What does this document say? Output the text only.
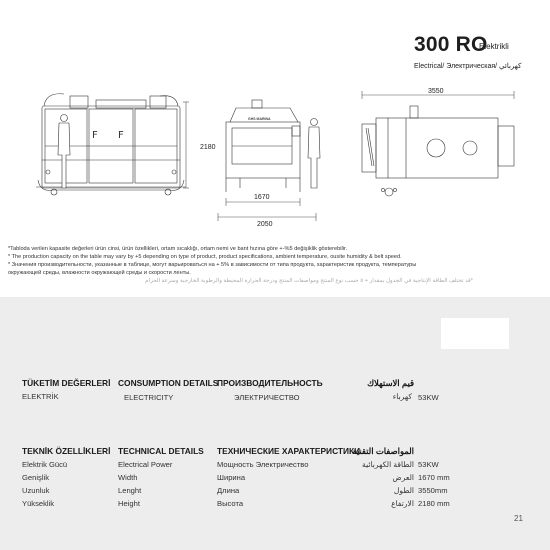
300 RO
Elektrikli
Electrical/ Электрическая/ كهربائي
F F
2180
1670
2050
3550
GHS MARINA
*Tabloda verilen kapasite değerleri ürün cinsi, ürün özellikleri, ortam sıcaklığı, ortam nemi ve bant hızına göre +-%5 değişiklik gösterebilir.
* The production capacity on the table may vary by +5 depending on type of product, product specifications, ambient temperature, ousite humidity & belt speed.
* Значения производительности, указанные в таблице, могут варьироваться на + 5% в зависимости от типа продукта, характеристик продукта, температуры
окружающей среды, влажности окружающей среды и скорости ленты.
*قد تختلف الطاقة الإنتاجية في الجدول بمقدار + ٥ حسب نوع المنتج ومواصفات المنتج ودرجة الحرارة المحيطة والرطوبة الخارجية وسرعة الحزام
TÜKETİM DEĞERLERİ CONSUMPTION DETAILS
ПРОИЗВОДИТЕЛЬНОСТЬ	قيم الاستهلاك
ELEKTRİK	ELECTRICITY	ЭЛЕКТРИЧЕСТВО	كهرباء 53KW
TEKNİK ÖZELLİKLERİ TECHNICAL DETAILS ТЕХНИЧЕСКИЕ ХАРАКТЕРИСТИКИ
المواصفات التقنية
Elektrik Gücü	Electrical Power	Мощность Электричество	الطاقة الكهربائية 53KW
Genişlik	Width	Ширина	العرض 1670 mm
Uzunluk	Lenght	Длина	الطول 3550mm
Yükseklik	Height	Высота	الارتفاع 2180 mm
21
